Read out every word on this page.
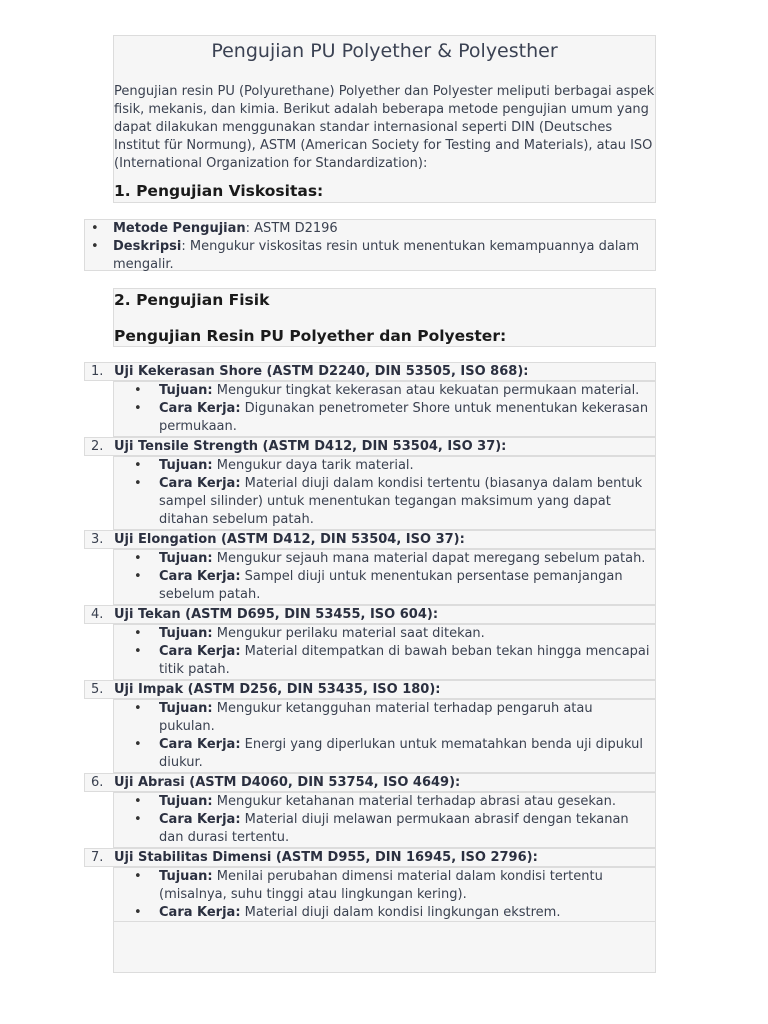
Pengujian PU Polyether & Polyesther

Pengujian resin PU (Polyurethane) Polyether dan Polyester meliputi berbagai aspek fisik, mekanis, dan kimia. Berikut adalah beberapa metode pengujian umum yang dapat dilakukan menggunakan standar internasional seperti DIN (Deutsches Institut für Normung), ASTM (American Society for Testing and Materials), atau ISO (International Organization for Standardization):

1. Pengujian Viskositas:
• Metode Pengujian: ASTM D2196
• Deskripsi: Mengukur viskositas resin untuk menentukan kemampuannya dalam mengalir.
2. Pengujian Fisik
Pengujian Resin PU Polyether dan Polyester:
1. Uji Kekerasan Shore (ASTM D2240, DIN 53505, ISO 868):
• Tujuan: Mengukur tingkat kekerasan atau kekuatan permukaan material.
• Cara Kerja: Digunakan penetrometer Shore untuk menentukan kekerasan permukaan.
2. Uji Tensile Strength (ASTM D412, DIN 53504, ISO 37):
• Tujuan: Mengukur daya tarik material.
• Cara Kerja: Material diuji dalam kondisi tertentu (biasanya dalam bentuk sampel silinder) untuk menentukan tegangan maksimum yang dapat ditahan sebelum patah.
3. Uji Elongation (ASTM D412, DIN 53504, ISO 37):
• Tujuan: Mengukur sejauh mana material dapat meregang sebelum patah.
• Cara Kerja: Sampel diuji untuk menentukan persentase pemanjangan sebelum patah.
4. Uji Tekan (ASTM D695, DIN 53455, ISO 604):
• Tujuan: Mengukur perilaku material saat ditekan.
• Cara Kerja: Material ditempatkan di bawah beban tekan hingga mencapai titik patah.
5. Uji Impak (ASTM D256, DIN 53435, ISO 180):
• Tujuan: Mengukur ketangguhan material terhadap pengaruh atau pukulan.
• Cara Kerja: Energi yang diperlukan untuk mematahkan benda uji dipukul diukur.
6. Uji Abrasi (ASTM D4060, DIN 53754, ISO 4649):
• Tujuan: Mengukur ketahanan material terhadap abrasi atau gesekan.
• Cara Kerja: Material diuji melawan permukaan abrasif dengan tekanan dan durasi tertentu.
7. Uji Stabilitas Dimensi (ASTM D955, DIN 16945, ISO 2796):
• Tujuan: Menilai perubahan dimensi material dalam kondisi tertentu (misalnya, suhu tinggi atau lingkungan kering).
• Cara Kerja: Material diuji dalam kondisi lingkungan ekstrem.
